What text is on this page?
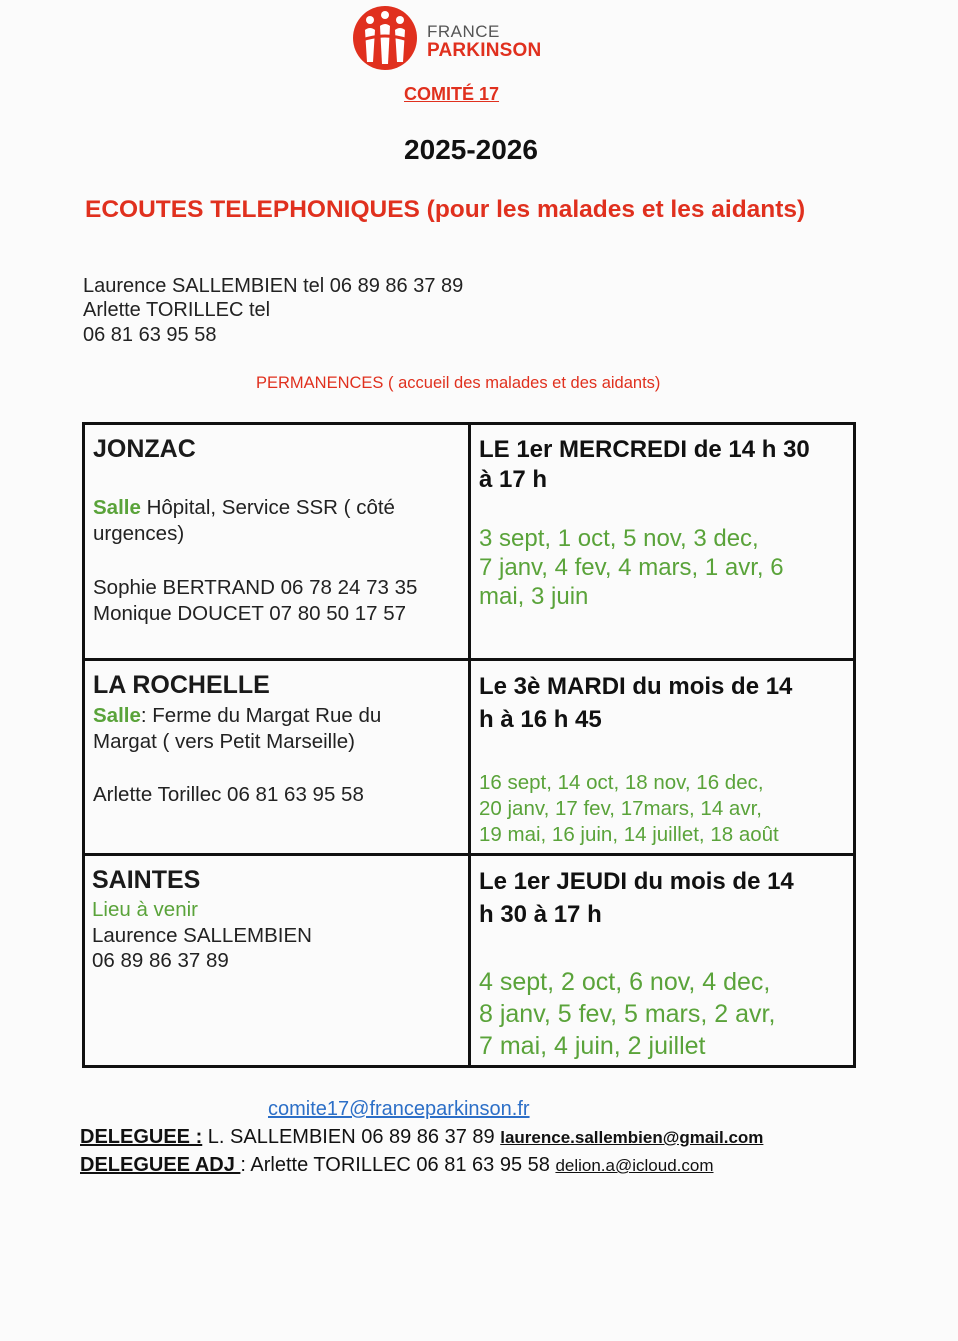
FRANCE
PARKINSON
COMITÉ 17
2025-2026
ECOUTES TELEPHONIQUES (pour les malades et les aidants)
Laurence SALLEMBIEN tel 06 89 86 37 89
Arlette TORILLEC tel
06 81 63 95 58
PERMANENCES ( accueil des malades et des aidants)
JONZAC
Salle Hôpital, Service SSR ( côté
urgences)
Sophie BERTRAND 06 78 24 73 35
Monique DOUCET 07 80 50 17 57
LE 1er MERCREDI de 14 h 30
à 17 h
3 sept, 1 oct, 5 nov, 3 dec,
7 janv, 4 fev, 4 mars, 1 avr, 6
mai, 3 juin
LA ROCHELLE
Salle: Ferme du Margat Rue du
Margat ( vers Petit Marseille)
Arlette Torillec 06 81 63 95 58
Le 3è MARDI du mois de 14
h à 16 h 45
16 sept, 14 oct, 18 nov, 16 dec,
20 janv, 17 fev, 17mars, 14 avr,
19 mai, 16 juin, 14 juillet, 18 août
SAINTES
Lieu à venir
Laurence SALLEMBIEN
06 89 86 37 89
Le 1er JEUDI du mois de 14
h 30 à 17 h
4 sept, 2 oct, 6 nov, 4 dec,
8 janv, 5 fev, 5 mars, 2 avr,
7 mai, 4 juin, 2 juillet
comite17@franceparkinson.fr
DELEGUEE : L. SALLEMBIEN 06 89 86 37 89 laurence.sallembien@gmail.com
DELEGUEE ADJ : Arlette TORILLEC 06 81 63 95 58 delion.a@icloud.com
